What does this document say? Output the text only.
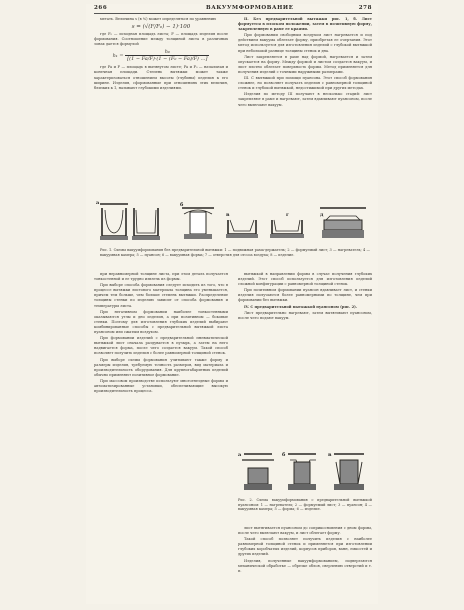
266	ВАКУУМФОРМОВАНИЕ	278

метать. Величина s (в %) может определяться по уравнению

s = (√(F/F₀) − 1)·100

где F₀ — исходная площадь листа; F — площадь изделия после формования. Соотношение между толщиной листа в различных зонах дается формулой

$h_1 = \frac{\text{h₀}}{\text{[(1 − Fa/F)·(1 − (F₀ − Fa)/F) …]}}$

где Fa и F — площадь в вытянутом листе; Fa и F₀ — начальная и конечная площади. Степень вытяжки может также характеризоваться отношением высоты (глубины) изделия к его ширине. Изделия, сформованные при отношениях этих величин, близких к 1, называют глубокими изделиями.

II. Без предварительной вытяжки рис. 1, б. Лист формуется в плоском положении, затем в позитивную форму, закрепленную в раме ее краями.

При формовании свободным воздухом лист нагревается и под действием вакуума облегает форму, приобретая ее очертания. Этот метод используется для изготовления изделий с глубокой вытяжкой при небольшой разнице толщины стенок и дна.

Лист закрепляется в раме над формой, нагревается и затем опускается на форму. Между формой и листом создается вакуум, и лист плотно облегает поверхность формы. Метод применяется для получения изделий с точными наружными размерами.

III. С вытяжкой при помощи пуансона. Этот способ формования сложнее, но позволяет получать изделия с равномерной толщиной стенок и глубокой вытяжкой, недостижимой при других методах.

Изделия по методу III получают в несколько стадий: лист закрепляют в раме и нагревают, затем вдавливают пуансоном, после чего включают вакуум.

а	б
в	г	д
Рис. 1. Схемы вакуумформования без предварительной вытяжки: 1 — подвижная рама-держатель; 2 — формуемый лист; 3 — нагреватель; 4 — вакуумная камера; 5 — пуансон; 6 — вакуумная форма; 7 — отверстия для отсоса воздуха; 8 — изделие.

при неравномерной толщине листа, при этом деталь получается тонкостенной и ее трудно извлечь из формы.

При выборе способа формования следует исходить из того, что в процессе вытяжки листового материала толщина его уменьшается, причем тем больше, чем больше степень вытяжки. Распределение толщины стенки по изделию зависит от способа формования и температуры листа.

При негативном формовании наиболее тонкостенными оказываются углы и дно изделия, а при позитивном — боковые стенки. Поэтому для изготовления глубоких изделий выбирают комбинированные способы с предварительной вытяжкой листа пуансоном или сжатым воздухом.

При формовании изделий с предварительной пневматической вытяжкой лист сначала раздувается в пузырь, а затем на него надвигается форма, после чего создается вакуум. Такой способ позволяет получить изделия с более равномерной толщиной стенок.

При выборе схемы формования учитывают также форму и размеры изделия, требуемую точность размеров, вид материала и производительность оборудования. Для крупногабаритных изделий обычно применяют позитивное формование.

При массовом производстве используют многогнездные формы и автоматизированные установки, обеспечивающие высокую производительность процесса.

вытяжкой в направлении формы в случае получения глубоких изделий. Этот способ используется для изготовления изделий сложной конфигурации с равномерной толщиной стенок.

При позитивном формовании пуансон вдавливает лист, и стенки изделия получаются более равномерными по толщине, чем при формовании без вытяжки.

IV. С предварительной вытяжкой пуансоном (рис. 2).

Лист предварительно нагревают, затем вытягивают пуансоном, после чего подают вакуум.

а	б	в
Рис. 2. Схема вакуумформования с предварительной вытяжкой пуансоном: 1 — нагреватель; 2 — формуемый лист; 3 — пуансон; 4 — вакуумная камера; 5 — форма; 6 — изделие.

лист вытягивается пуансоном до соприкосновения с дном формы, после чего включают вакуум, и лист облегает форму.

Такой способ позволяет получить изделия с наиболее равномерной толщиной стенок и применяется при изготовлении глубоких коробчатых изделий, корпусов приборов, ванн, емкостей и других изделий.

Изделия, полученные вакуумформованием, подвергаются механической обработке — обрезке облоя, сверлению отверстий и т. п.
